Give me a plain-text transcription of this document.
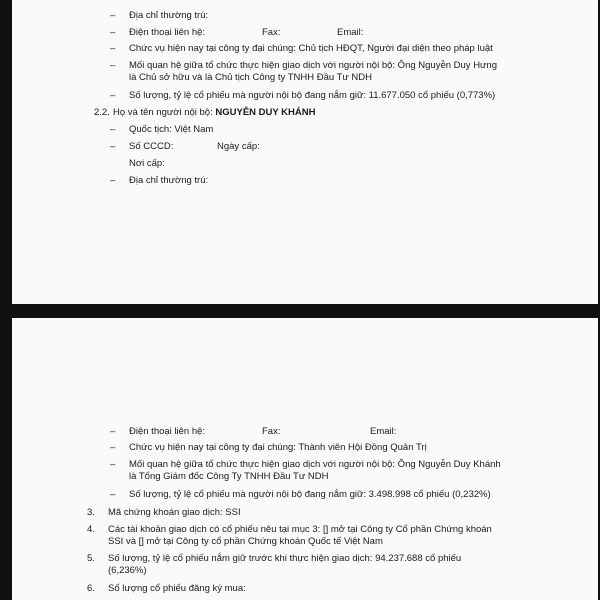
– Địa chỉ thường trú:
– Điện thoại liên hệ:	Fax:	Email:
– Chức vụ hiện nay tại công ty đại chúng: Chủ tịch HĐQT, Người đại diện theo pháp luật
– Mối quan hệ giữa tổ chức thực hiện giao dịch với người nội bộ: Ông Nguyễn Duy Hưng
là Chủ sở hữu và là Chủ tịch Công ty TNHH Đầu Tư NDH
– Số lượng, tỷ lệ cổ phiếu mà người nội bộ đang nắm giữ: 11.677.050 cổ phiếu (0,773%)
2.2. Họ và tên người nội bộ: NGUYỄN DUY KHÁNH
– Quốc tịch: Việt Nam
– Số CCCD:	Ngày cấp:
Nơi cấp:
– Địa chỉ thường trú:
– Điện thoại liên hệ:	Fax:	Email:
– Chức vụ hiện nay tại công ty đại chúng: Thành viên Hội Đồng Quản Trị
– Mối quan hệ giữa tổ chức thực hiện giao dịch với người nội bộ: Ông Nguyễn Duy Khánh
là Tổng Giám đốc Công Ty TNHH Đầu Tư NDH
– Số lượng, tỷ lệ cổ phiếu mà người nội bộ đang nắm giữ: 3.498.998 cổ phiếu (0,232%)
3. Mã chứng khoán giao dịch: SSI
4. Các tài khoản giao dịch có cổ phiếu nêu tại mục 3: [] mở tại Công ty Cổ phần Chứng khoán
SSI và [] mở tại Công ty cổ phần Chứng khoán Quốc tế Việt Nam
5. Số lượng, tỷ lệ cổ phiếu nắm giữ trước khi thực hiện giao dịch: 94.237.688 cổ phiếu
(6,236%)
6. Số lượng cổ phiếu đăng ký mua:
